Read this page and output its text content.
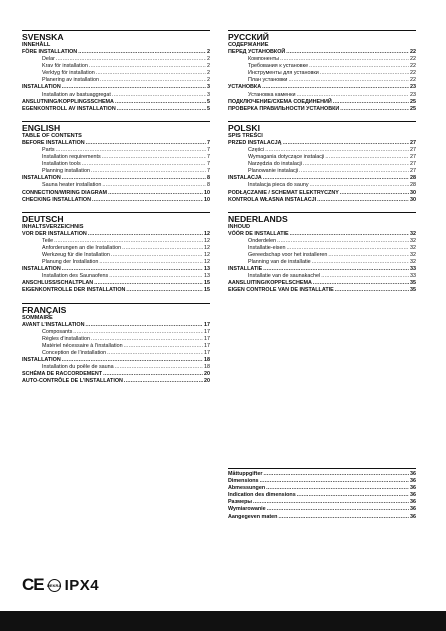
SVENSKA
INNEHÅLL
FÖRE INSTALLATION .....	2
Delar .....	2
Krav för installation .....	2
Verktyg för installation .....	2
Planering av installation .....	2
INSTALLATION .....	3
Installation av bastuaggregat .....	3
ANSLUTNING/KOPPLINGSSCHEMA .....	5
EGENKONTROLL AV INSTALLATION .....	5
ENGLISH
TABLE OF CONTENTS
BEFORE INSTALLATION .....	7
Parts .....	7
Installation requirements .....	7
Installation tools .....	7
Planning installation .....	7
INSTALLATION .....	8
Sauna heater installation .....	8
CONNECTION/WIRING DIAGRAM .....	10
CHECKING INSTALLATION .....	10
DEUTSCH
INHALTSVERZEICHNIS
VOR DER INSTALLATION .....	12
Teile .....	12
Anforderungen an die Installation .....	12
Werkzeug für die Installation .....	12
Planung der Installation .....	12
INSTALLATION .....	13
Installation des Saunaofens .....	13
ANSCHLUSS/SCHALTPLAN .....	15
EIGENKONTROLLE DER INSTALLATION .....	15
FRANÇAIS
SOMMAIRE
AVANT L’INSTALLATION .....	17
Composants .....	17
Règles d’installation .....	17
Matériel nécessaire à l’installation .....	17
Conception de l’installation .....	17
INSTALLATION .....	18
Installation du poêle de sauna .....	18
SCHÉMA DE RACCORDEMENT .....	20
AUTO-CONTRÔLE DE L’INSTALLATION .....	20
РУССКИЙ
СОДЕРЖАНИЕ
ПЕРЕД УСТАНОВКОЙ .....	22
Компоненты .....	22
Требования к установке .....	22
Инструменты для установки .....	22
План установки .....	22
УСТАНОВКА .....	23
Установка каменки .....	23
ПОДКЛЮЧЕНИЕ/СХЕМА СОЕДИНЕНИЙ .....	25
ПРОВЕРКА ПРАВИЛЬНОСТИ УСТАНОВКИ .....	25
POLSKI
SPIS TREŚCI
PRZED INSTALACJĄ .....	27
Części .....	27
Wymagania dotyczące instalacji .....	27
Narzędzia do instalacji .....	27
Planowanie instalacji .....	27
INSTALACJA .....	28
Instalacja pieca do sauny .....	28
PODŁĄCZANIE / SCHEMAT ELEKTRYCZNY .....	30
KONTROLA WŁASNA INSTALACJI .....	30
NEDERLANDS
INHOUD
VÓÓR DE INSTALLATIE .....	32
Onderdelen .....	32
Installatie-eisen .....	32
Gereedschap voor het installeren .....	32
Planning van de installatie .....	32
INSTALLATIE .....	33
Installatie van de saunakachel .....	33
AANSLUITING/KOPPELSCHEMA .....	35
EIGEN CONTROLE VAN DE INSTALLATIE .....	35
Måttuppgifter .....	36
Dimensions .....	36
Abmessungen .....	36
Indication des dimensions .....	36
Размеры .....	36
Wymiarowanie .....	36
Aangegeven maten .....	36
CE DEKRA IPX4
